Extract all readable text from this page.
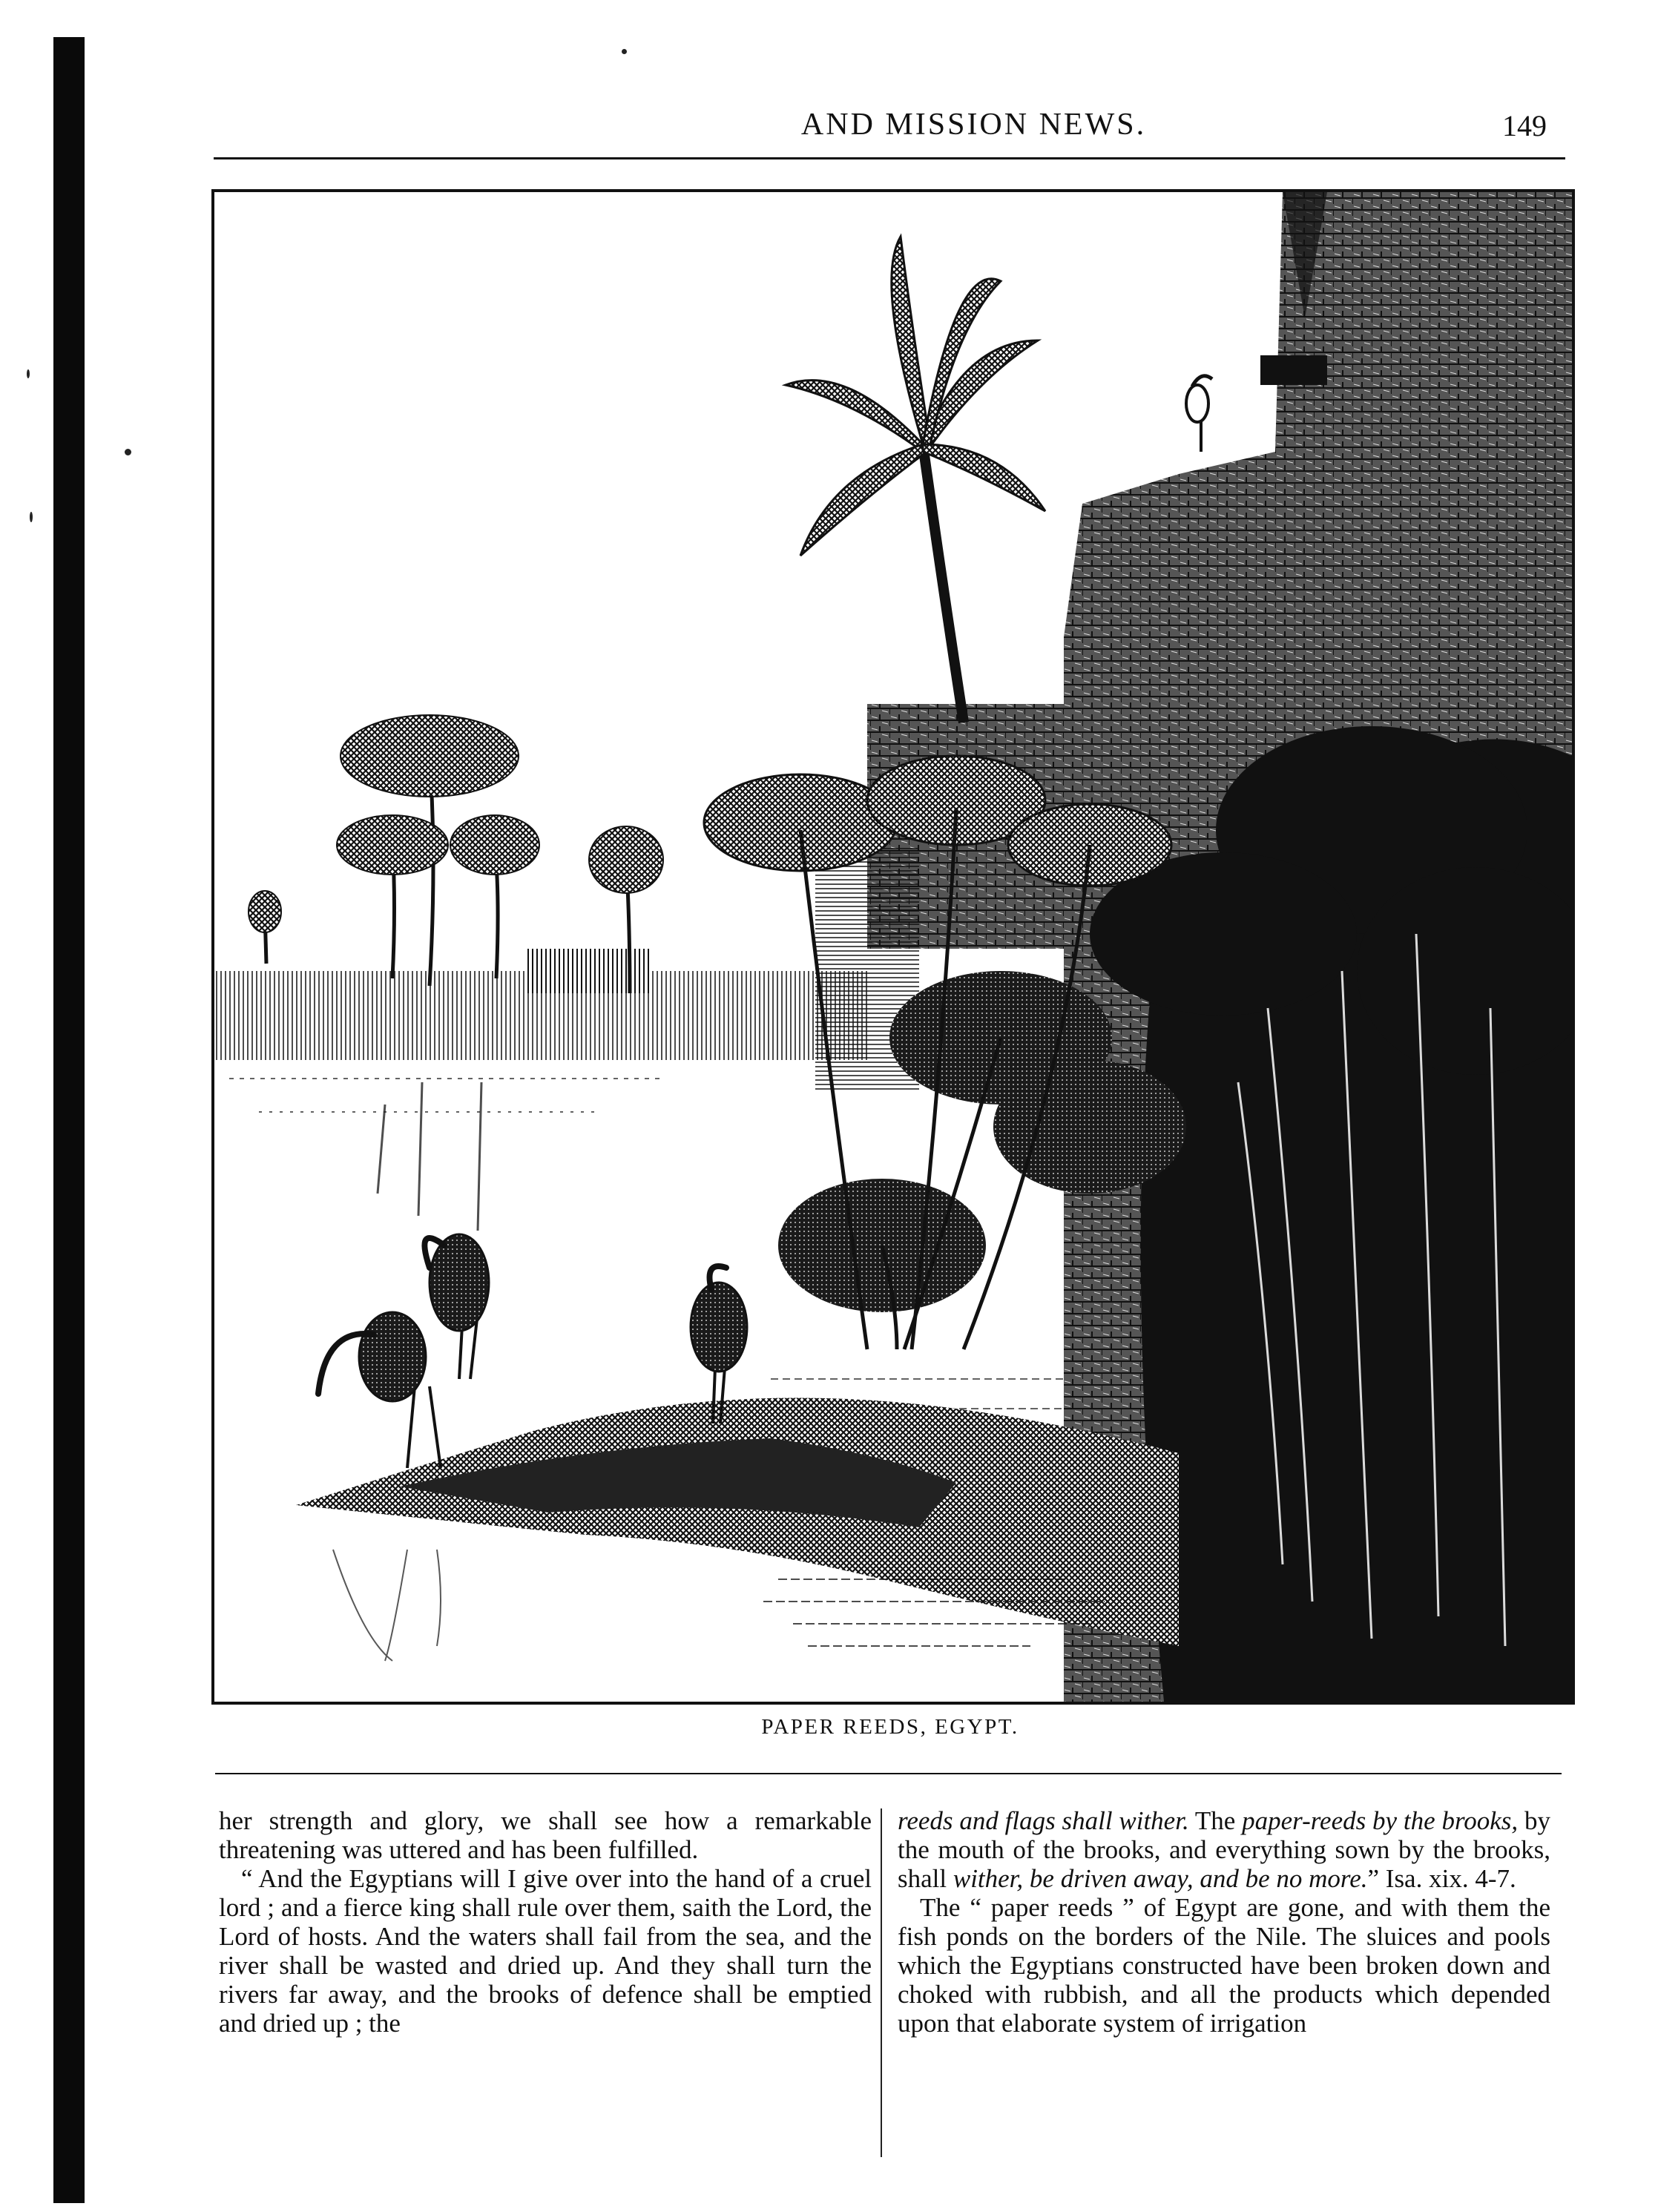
AND MISSION NEWS.	149
PAPER REEDS, EGYPT.

her strength and glory, we shall see how a remarkable threatening was uttered and has been fulfilled.

“ And the Egyptians will I give over into the hand of a cruel lord ; and a fierce king shall rule over them, saith the Lord, the Lord of hosts. And the waters shall fail from the sea, and the river shall be wasted and dried up. And they shall turn the rivers far away, and the brooks of defence shall be emptied and dried up ; the

reeds and flags shall wither. The paper-reeds by the brooks, by the mouth of the brooks, and everything sown by the brooks, shall wither, be driven away, and be no more.” Isa. xix. 4-7.

The “ paper reeds ” of Egypt are gone, and with them the fish ponds on the borders of the Nile. The sluices and pools which the Egyptians constructed have been broken down and choked with rubbish, and all the products which depended upon that elaborate system of irrigation
